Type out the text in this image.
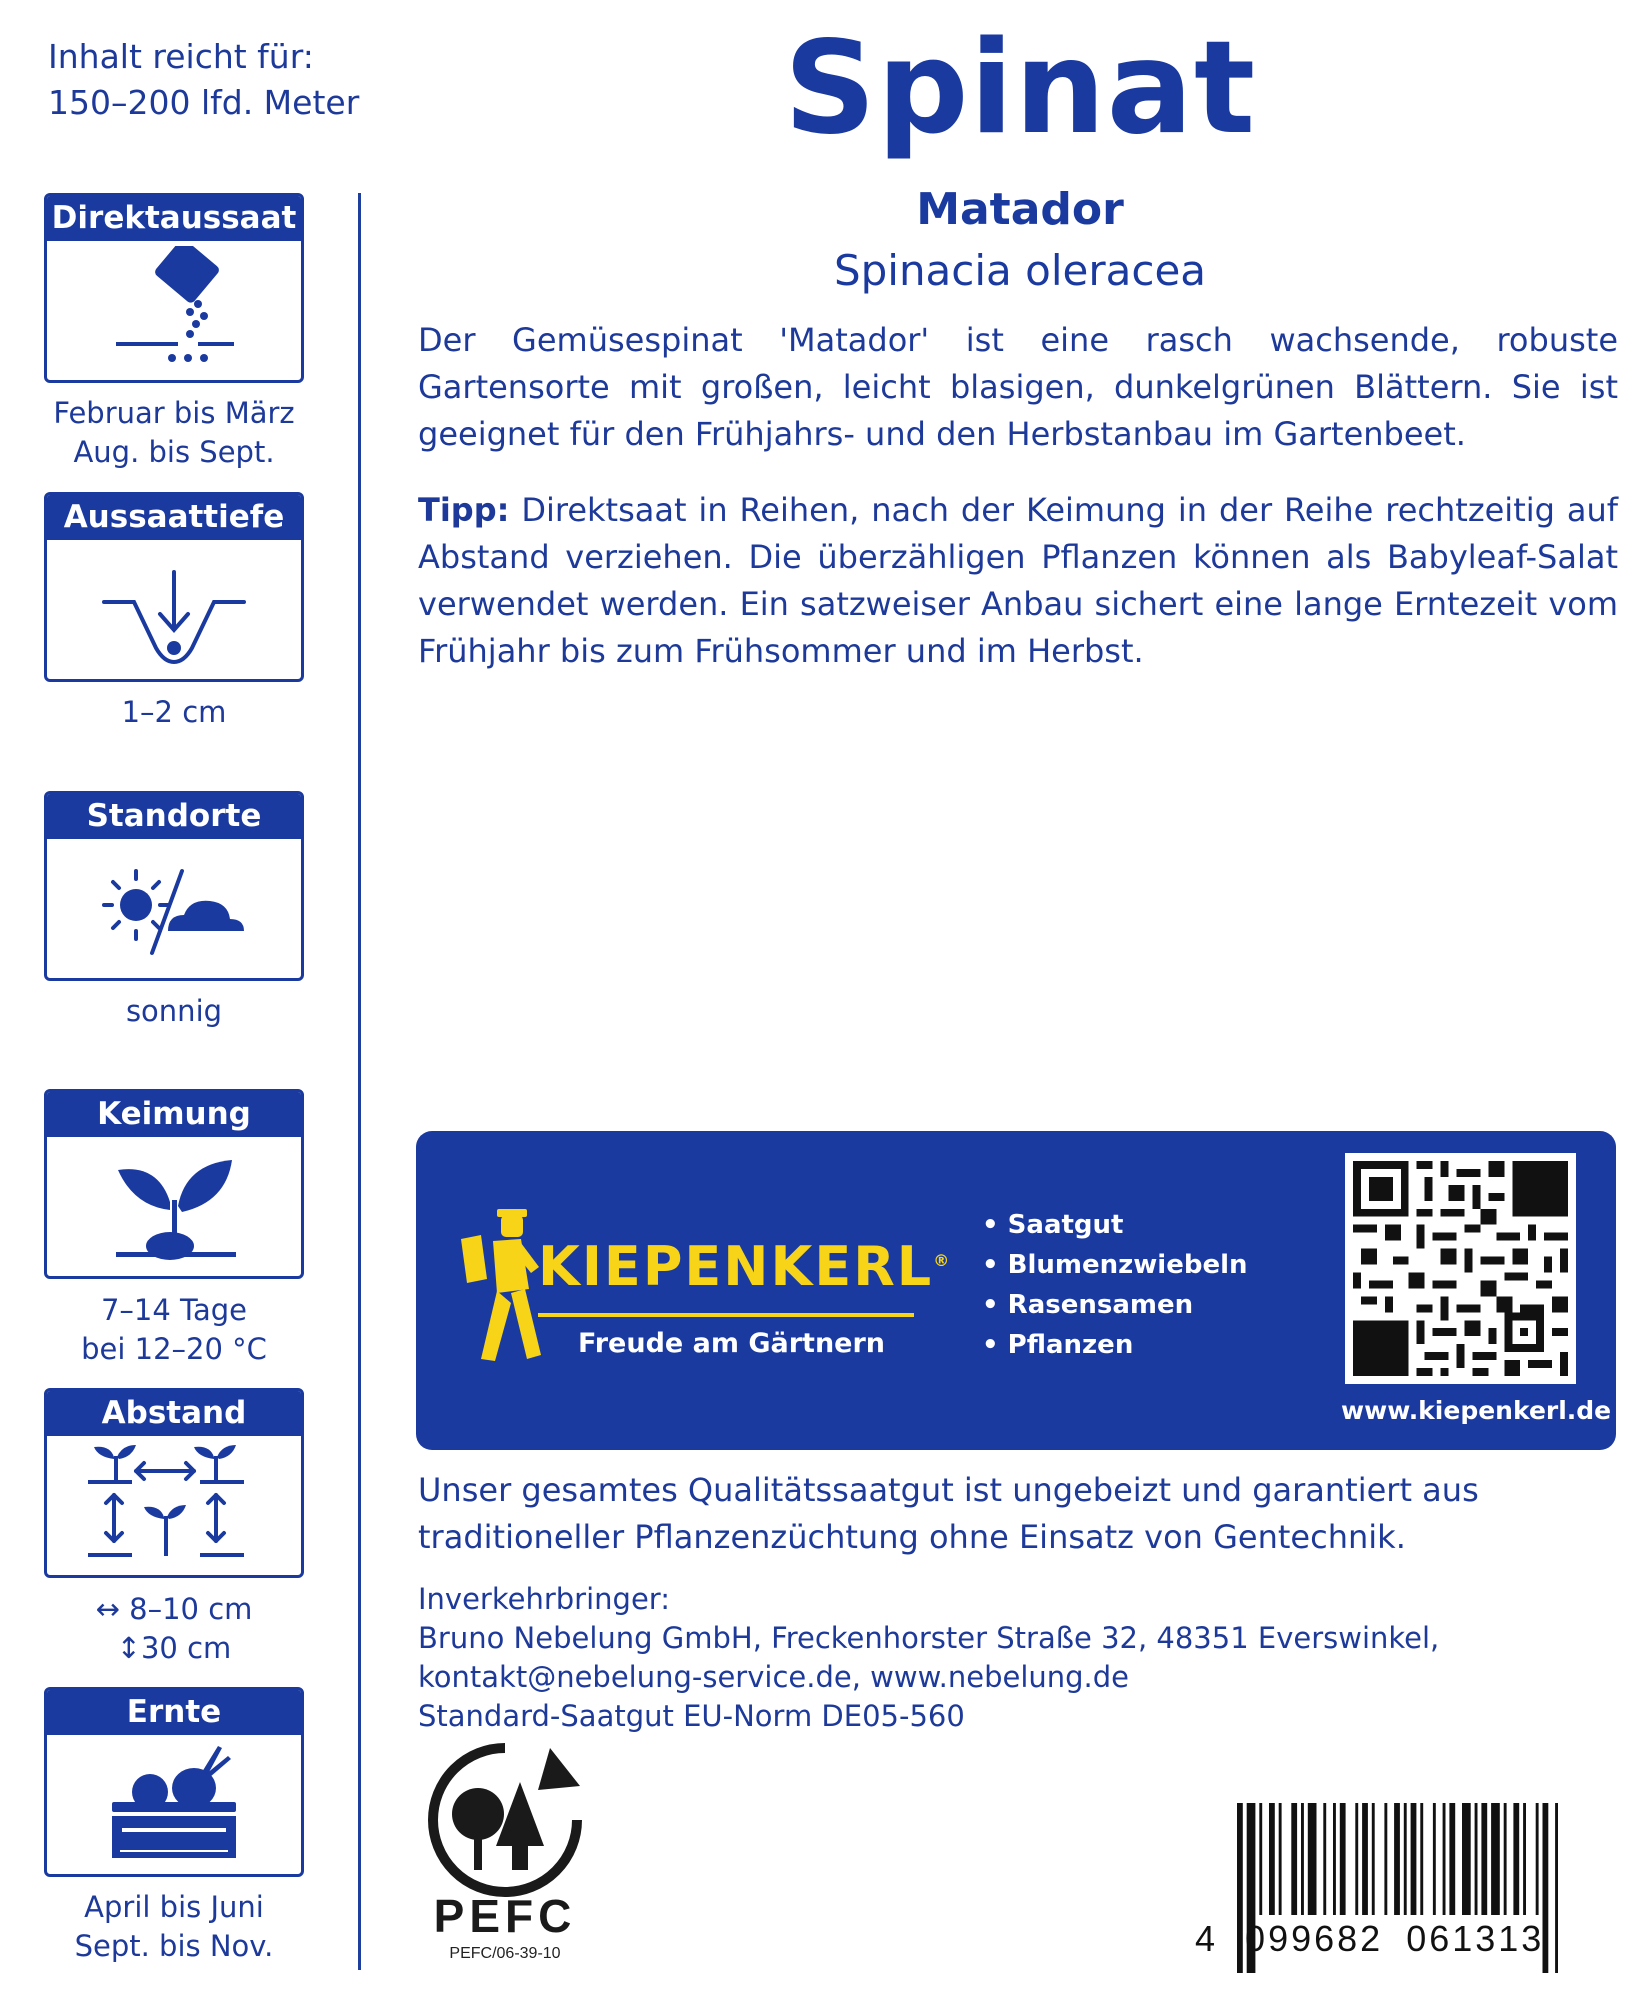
Inhalt reicht für:
150–200 lfd. Meter
Direktaussaat
Februar bis März
Aug. bis Sept.
Aussaattiefe
1–2 cm
Standorte
sonnig
Keimung
7–14 Tage
bei 12–20 °C
Abstand
↔ 8–10 cm
↕30 cm
Ernte
April bis Juni
Sept. bis Nov.
Spinat
Matador
Spinacia oleracea
Der Gemüsespinat 'Matador' ist eine rasch wachsende, robuste Gartensorte mit großen, leicht blasigen, dunkelgrünen Blättern. Sie ist geeignet für den Frühjahrs- und den Herbstanbau im Gartenbeet.
Tipp: Direktsaat in Reihen, nach der Keimung in der Reihe rechtzeitig auf Abstand verziehen. Die überzähligen Pflanzen können als Babyleaf-Salat verwendet werden. Ein satzweiser Anbau sichert eine lange Erntezeit vom Frühjahr bis zum Frühsommer und im Herbst.
KIEPENKERL®
Freude am Gärtnern
• Saatgut
• Blumenzwiebeln
• Rasensamen
• Pflanzen
www.kiepenkerl.de
Unser gesamtes Qualitätssaatgut ist ungebeizt und garantiert aus traditioneller Pflanzenzüchtung ohne Einsatz von Gentechnik.
Inverkehrbringer:
Bruno Nebelung GmbH, Freckenhorster Straße 32, 48351 Everswinkel,
kontakt@nebelung-service.de, www.nebelung.de
Standard-Saatgut EU-Norm DE05-560
PEFC
PEFC/06-39-10	4 099682 061313
